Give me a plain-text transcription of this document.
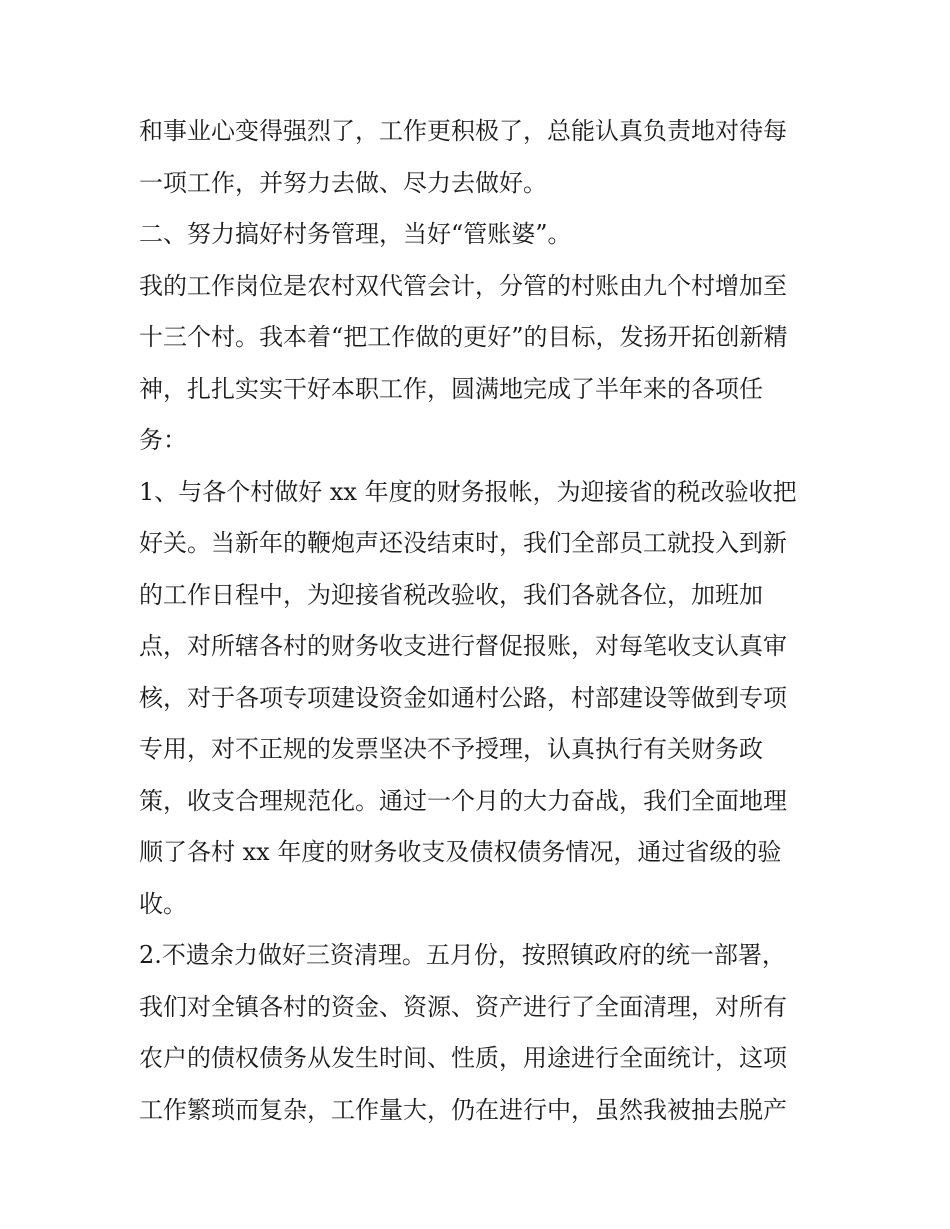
和事业心变得强烈了，工作更积极了，总能认真负责地对待每
一项工作，并努力去做、尽力去做好。
二、努力搞好村务管理，当好“管账婆”。
我的工作岗位是农村双代管会计，分管的村账由九个村增加至
十三个村。我本着“把工作做的更好”的目标，发扬开拓创新精
神，扎扎实实干好本职工作，圆满地完成了半年来的各项任
务：
1、与各个村做好 xx 年度的财务报帐，为迎接省的税改验收把
好关。当新年的鞭炮声还没结束时，我们全部员工就投入到新
的工作日程中，为迎接省税改验收，我们各就各位，加班加
点，对所辖各村的财务收支进行督促报账，对每笔收支认真审
核，对于各项专项建设资金如通村公路，村部建设等做到专项
专用，对不正规的发票坚决不予授理，认真执行有关财务政
策，收支合理规范化。通过一个月的大力奋战，我们全面地理
顺了各村 xx 年度的财务收支及债权债务情况，通过省级的验
收。
2.不遗余力做好三资清理。五月份，按照镇政府的统一部署，
我们对全镇各村的资金、资源、资产进行了全面清理，对所有
农户的债权债务从发生时间、性质，用途进行全面统计，这项
工作繁琐而复杂，工作量大，仍在进行中，虽然我被抽去脱产
